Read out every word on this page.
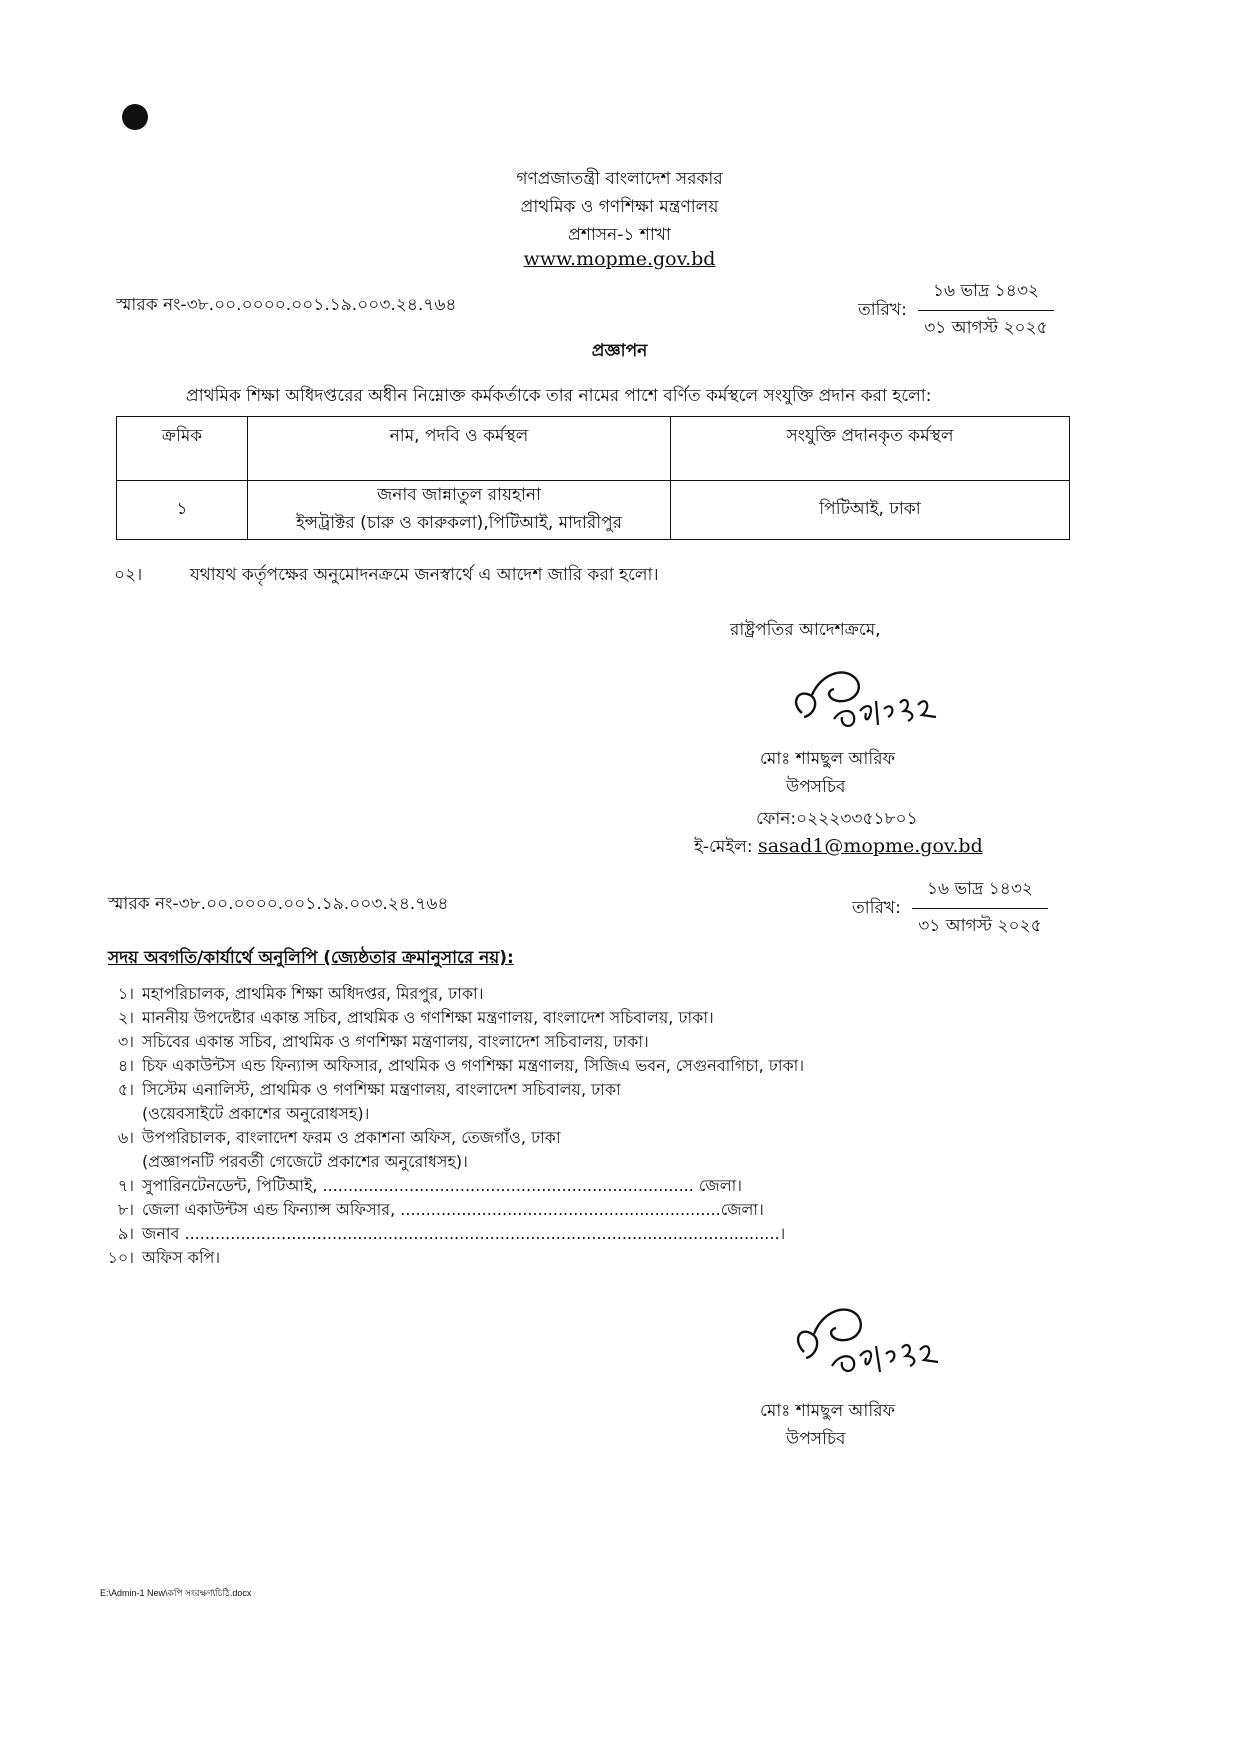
গণপ্রজাতন্ত্রী বাংলাদেশ সরকার
প্রাথমিক ও গণশিক্ষা মন্ত্রণালয়
প্রশাসন-১ শাখা
www.mopme.gov.bd
স্মারক নং-৩৮.০০.০০০০.০০১.১৯.০০৩.২৪.৭৬৪	তারিখ: $\frac{\text{১৬ ভাদ্র ১৪৩২}}{\text{৩১ আগস্ট ২০২৫}}$
প্রজ্ঞাপন
প্রাথমিক শিক্ষা অধিদপ্তরের অধীন নিম্নোক্ত কর্মকর্তাকে তার নামের পাশে বর্ণিত কর্মস্থলে সংযুক্তি প্রদান করা হলো:
ক্রমিক	নাম, পদবি ও কর্মস্থল	সংযুক্তি প্রদানকৃত কর্মস্থল
১	জনাব জান্নাতুল রায়হানা
ইন্সট্রাক্টর (চারু ও কারুকলা),পিটিআই, মাদারীপুর	পিটিআই, ঢাকা
০২।	যথাযথ কর্তৃপক্ষের অনুমোদনক্রমে জনস্বার্থে এ আদেশ জারি করা হলো।
রাষ্ট্রপতির আদেশক্রমে,
মোঃ শামছুল আরিফ
উপসচিব
ফোন:০২২২৩৩৫১৮০১
ই-মেইল: sasad1@mopme.gov.bd
স্মারক নং-৩৮.০০.০০০০.০০১.১৯.০০৩.২৪.৭৬৪	তারিখ: $\frac{\text{১৬ ভাদ্র ১৪৩২}}{\text{৩১ আগস্ট ২০২৫}}$
সদয় অবগতি/কার্যার্থে অনুলিপি (জ্যেষ্ঠতার ক্রমানুসারে নয়):
১। মহাপরিচালক, প্রাথমিক শিক্ষা অধিদপ্তর, মিরপুর, ঢাকা।
২। মাননীয় উপদেষ্টার একান্ত সচিব, প্রাথমিক ও গণশিক্ষা মন্ত্রণালয়, বাংলাদেশ সচিবালয়, ঢাকা।
৩। সচিবের একান্ত সচিব, প্রাথমিক ও গণশিক্ষা মন্ত্রণালয়, বাংলাদেশ সচিবালয়, ঢাকা।
৪। চিফ একাউন্টস এন্ড ফিন্যান্স অফিসার, প্রাথমিক ও গণশিক্ষা মন্ত্রণালয়, সিজিএ ভবন, সেগুনবাগিচা, ঢাকা।
৫। সিস্টেম এনালিস্ট, প্রাথমিক ও গণশিক্ষা মন্ত্রণালয়, বাংলাদেশ সচিবালয়, ঢাকা
(ওয়েবসাইটে প্রকাশের অনুরোধসহ)।
৬। উপপরিচালক, বাংলাদেশ ফরম ও প্রকাশনা অফিস, তেজগাঁও, ঢাকা
(প্রজ্ঞাপনটি পরবর্তী গেজেটে প্রকাশের অনুরোধসহ)।
৭। সুপারিনটেনডেন্ট, পিটিআই, ......................................................................... জেলা।
৮। জেলা একাউন্টস এন্ড ফিন্যান্স অফিসার, ...............................................................জেলা।
৯। জনাব .....................................................................................................................।
১০। অফিস কপি।
মোঃ শামছুল আরিফ
উপসচিব
E:\Admin-1 New\কপি সংরক্ষণ\চিঠি.docx
